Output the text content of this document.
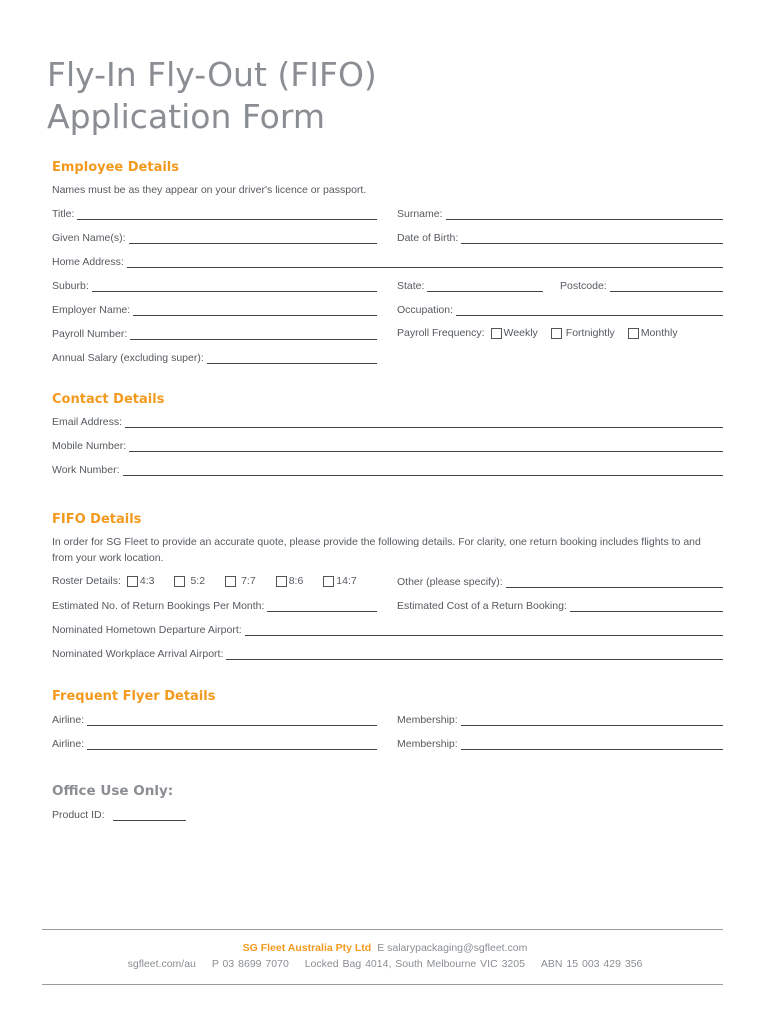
Fly-In Fly-Out (FIFO)
Application Form
Employee Details
Names must be as they appear on your driver's licence or passport.
Title:	Surname:
Given Name(s):	Date of Birth:
Home Address:
Suburb:	State:	Postcode:
Employer Name:	Occupation:
Payroll Number:	Payroll Frequency:	Weekly	Fortnightly Monthly
Annual Salary (excluding super):
Contact Details
Email Address:
Mobile Number:
Work Number:
FIFO Details
In order for SG Fleet to provide an accurate quote, please provide the following details. For clarity, one return booking includes flights to and from your work location.
Roster Details:	4:3	5:2	7:7	8:6	14:7	Other (please specify):
Estimated No. of Return Bookings Per Month:	Estimated Cost of a Return Booking:
Nominated Hometown Departure Airport:
Nominated Workplace Arrival Airport:
Frequent Flyer Details
Airline:	Membership:
Airline:	Membership:
Office Use Only:
Product ID:
SG Fleet Australia Pty Ltd E salarypackaging@sgfleet.com
sgfleet.com/au P 03 8699 7070 Locked Bag 4014, South Melbourne VIC 3205 ABN 15 003 429 356
